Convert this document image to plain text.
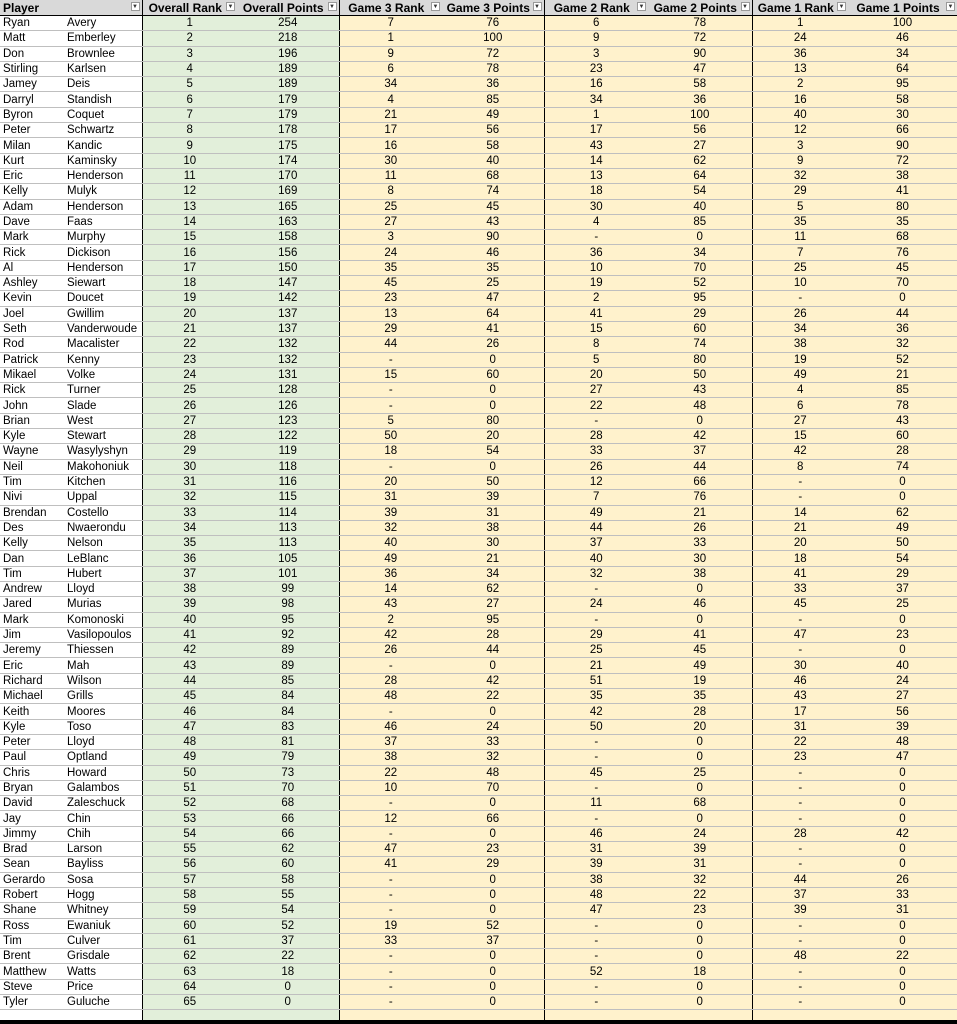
Player ▼		Overall Rank ▼	Overall Points ▼	Game 3 Rank ▼	Game 3 Points ▼	Game 2 Rank ▼	Game 2 Points ▼	Game 1 Rank ▼	Game 1 Points ▼

Ryan	Avery	1	254	7	76	6	78	1	100
Matt	Emberley	2	218	1	100	9	72	24	46
Don	Brownlee	3	196	9	72	3	90	36	34
Stirling	Karlsen	4	189	6	78	23	47	13	64
Jamey	Deis	5	189	34	36	16	58	2	95
Darryl	Standish	6	179	4	85	34	36	16	58
Byron	Coquet	7	179	21	49	1	100	40	30
Peter	Schwartz	8	178	17	56	17	56	12	66
Milan	Kandic	9	175	16	58	43	27	3	90
Kurt	Kaminsky	10	174	30	40	14	62	9	72
Eric	Henderson	11	170	11	68	13	64	32	38
Kelly	Mulyk	12	169	8	74	18	54	29	41
Adam	Henderson	13	165	25	45	30	40	5	80
Dave	Faas	14	163	27	43	4	85	35	35
Mark	Murphy	15	158	3	90	-	0	11	68
Rick	Dickison	16	156	24	46	36	34	7	76
Al	Henderson	17	150	35	35	10	70	25	45
Ashley	Siewart	18	147	45	25	19	52	10	70
Kevin	Doucet	19	142	23	47	2	95	-	0
Joel	Gwillim	20	137	13	64	41	29	26	44
Seth	Vanderwoude	21	137	29	41	15	60	34	36
Rod	Macalister	22	132	44	26	8	74	38	32
Patrick	Kenny	23	132	-	0	5	80	19	52
Mikael	Volke	24	131	15	60	20	50	49	21
Rick	Turner	25	128	-	0	27	43	4	85
John	Slade	26	126	-	0	22	48	6	78
Brian	West	27	123	5	80	-	0	27	43
Kyle	Stewart	28	122	50	20	28	42	15	60
Wayne	Wasylyshyn	29	119	18	54	33	37	42	28
Neil	Makohoniuk	30	118	-	0	26	44	8	74
Tim	Kitchen	31	116	20	50	12	66	-	0
Nivi	Uppal	32	115	31	39	7	76	-	0
Brendan	Costello	33	114	39	31	49	21	14	62
Des	Nwaerondu	34	113	32	38	44	26	21	49
Kelly	Nelson	35	113	40	30	37	33	20	50
Dan	LeBlanc	36	105	49	21	40	30	18	54
Tim	Hubert	37	101	36	34	32	38	41	29
Andrew	Lloyd	38	99	14	62	-	0	33	37
Jared	Murias	39	98	43	27	24	46	45	25
Mark	Komonoski	40	95	2	95	-	0	-	0
Jim	Vasilopoulos	41	92	42	28	29	41	47	23
Jeremy	Thiessen	42	89	26	44	25	45	-	0
Eric	Mah	43	89	-	0	21	49	30	40
Richard	Wilson	44	85	28	42	51	19	46	24
Michael	Grills	45	84	48	22	35	35	43	27
Keith	Moores	46	84	-	0	42	28	17	56
Kyle	Toso	47	83	46	24	50	20	31	39
Peter	Lloyd	48	81	37	33	-	0	22	48
Paul	Optland	49	79	38	32	-	0	23	47
Chris	Howard	50	73	22	48	45	25	-	0
Bryan	Galambos	51	70	10	70	-	0	-	0
David	Zaleschuck	52	68	-	0	11	68	-	0
Jay	Chin	53	66	12	66	-	0	-	0
Jimmy	Chih	54	66	-	0	46	24	28	42
Brad	Larson	55	62	47	23	31	39	-	0
Sean	Bayliss	56	60	41	29	39	31	-	0
Gerardo	Sosa	57	58	-	0	38	32	44	26
Robert	Hogg	58	55	-	0	48	22	37	33
Shane	Whitney	59	54	-	0	47	23	39	31
Ross	Ewaniuk	60	52	19	52	-	0	-	0
Tim	Culver	61	37	33	37	-	0	-	0
Brent	Grisdale	62	22	-	0	-	0	48	22
Matthew	Watts	63	18	-	0	52	18	-	0
Steve	Price	64	0	-	0	-	0	-	0
Tyler	Guluche	65	0	-	0	-	0	-	0
